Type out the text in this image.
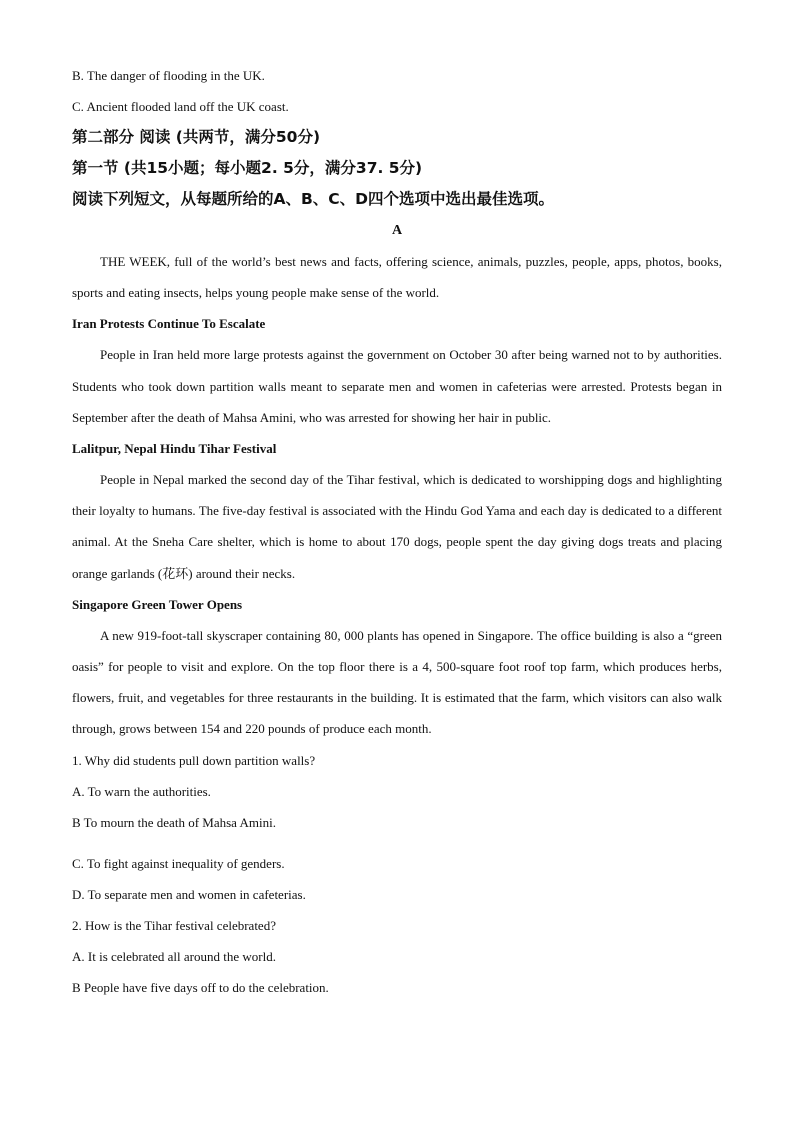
B. The danger of flooding in the UK.
C. Ancient flooded land off the UK coast.
第二部分 阅读 (共两节，满分50分)
第一节 (共15小题；每小题2. 5分，满分37. 5分)
阅读下列短文，从每题所给的A、B、C、D四个选项中选出最佳选项。
A

THE WEEK, full of the world’s best news and facts, offering science, animals, puzzles, people, apps, photos, books, sports and eating insects, helps young people make sense of the world.

Iran Protests Continue To Escalate

People in Iran held more large protests against the government on October 30 after being warned not to by authorities. Students who took down partition walls meant to separate men and women in cafeterias were arrested. Protests began in September after the death of Mahsa Amini, who was arrested for showing her hair in public.

Lalitpur, Nepal Hindu Tihar Festival

People in Nepal marked the second day of the Tihar festival, which is dedicated to worshipping dogs and highlighting their loyalty to humans. The five-day festival is associated with the Hindu God Yama and each day is dedicated to a different animal. At the Sneha Care shelter, which is home to about 170 dogs, people spent the day giving dogs treats and placing orange garlands (花环) around their necks.

Singapore Green Tower Opens

A new 919-foot-tall skyscraper containing 80, 000 plants has opened in Singapore. The office building is also a “green oasis” for people to visit and explore. On the top floor there is a 4, 500-square foot roof top farm, which produces herbs, flowers, fruit, and vegetables for three restaurants in the building. It is estimated that the farm, which visitors can also walk through, grows between 154 and 220 pounds of produce each month.

1. Why did students pull down partition walls?
A. To warn the authorities.
B To mourn the death of Mahsa Amini.
C. To fight against inequality of genders.
D. To separate men and women in cafeterias.
2. How is the Tihar festival celebrated?
A. It is celebrated all around the world.
B People have five days off to do the celebration.
